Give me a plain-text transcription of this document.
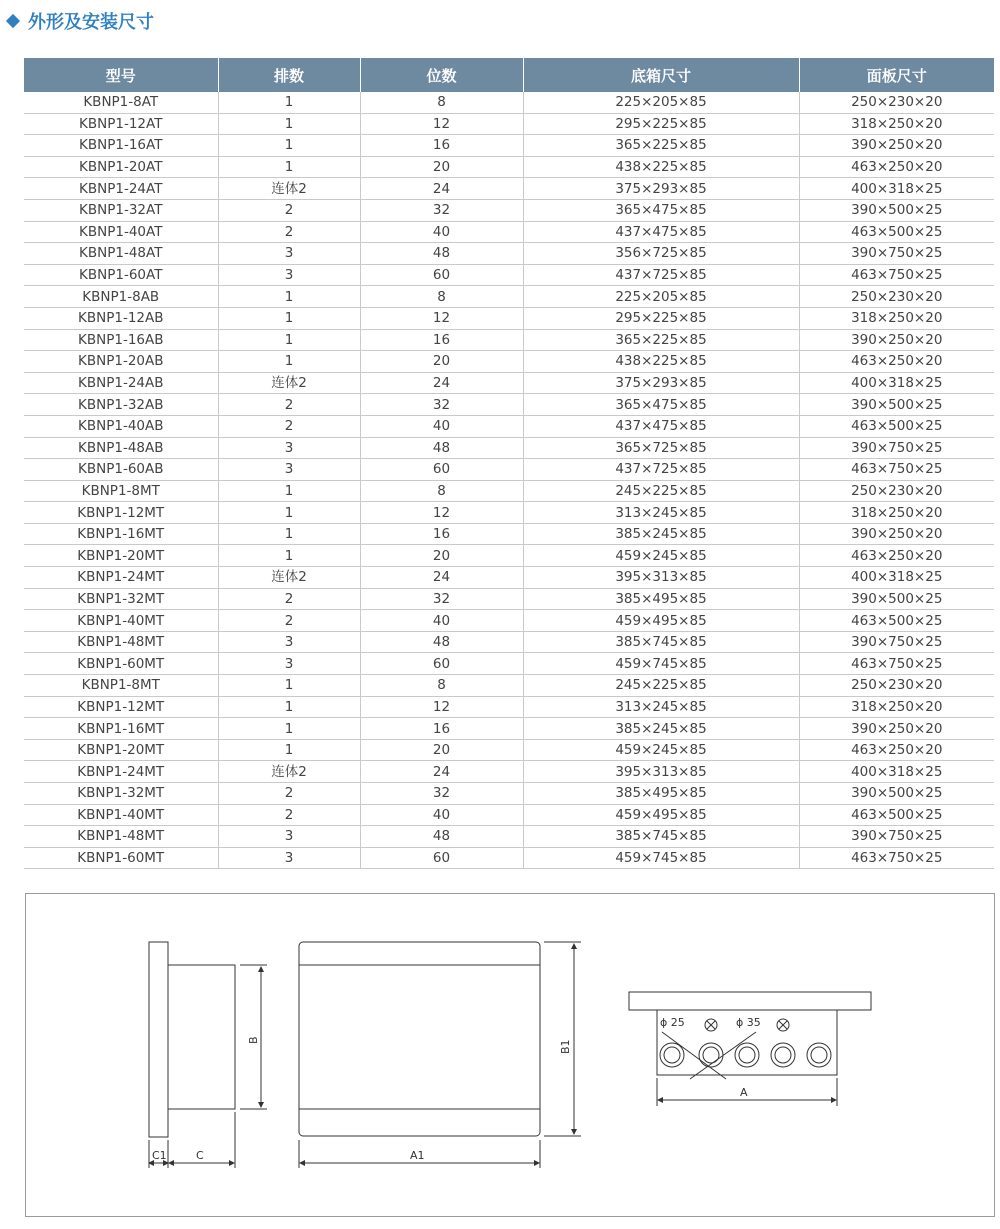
外形及安装尺寸
型号	排数	位数	底箱尺寸	面板尺寸
KBNP1-8AT	1	8	225×205×85	250×230×20
KBNP1-12AT	1	12	295×225×85	318×250×20
KBNP1-16AT	1	16	365×225×85	390×250×20
KBNP1-20AT	1	20	438×225×85	463×250×20
KBNP1-24AT	连体2	24	375×293×85	400×318×25
KBNP1-32AT	2	32	365×475×85	390×500×25
KBNP1-40AT	2	40	437×475×85	463×500×25
KBNP1-48AT	3	48	356×725×85	390×750×25
KBNP1-60AT	3	60	437×725×85	463×750×25
KBNP1-8AB	1	8	225×205×85	250×230×20
KBNP1-12AB	1	12	295×225×85	318×250×20
KBNP1-16AB	1	16	365×225×85	390×250×20
KBNP1-20AB	1	20	438×225×85	463×250×20
KBNP1-24AB	连体2	24	375×293×85	400×318×25
KBNP1-32AB	2	32	365×475×85	390×500×25
KBNP1-40AB	2	40	437×475×85	463×500×25
KBNP1-48AB	3	48	365×725×85	390×750×25
KBNP1-60AB	3	60	437×725×85	463×750×25
KBNP1-8MT	1	8	245×225×85	250×230×20
KBNP1-12MT	1	12	313×245×85	318×250×20
KBNP1-16MT	1	16	385×245×85	390×250×20
KBNP1-20MT	1	20	459×245×85	463×250×20
KBNP1-24MT	连体2	24	395×313×85	400×318×25
KBNP1-32MT	2	32	385×495×85	390×500×25
KBNP1-40MT	2	40	459×495×85	463×500×25
KBNP1-48MT	3	48	385×745×85	390×750×25
KBNP1-60MT	3	60	459×745×85	463×750×25
KBNP1-8MT	1	8	245×225×85	250×230×20
KBNP1-12MT	1	12	313×245×85	318×250×20
KBNP1-16MT	1	16	385×245×85	390×250×20
KBNP1-20MT	1	20	459×245×85	463×250×20
KBNP1-24MT	连体2	24	395×313×85	400×318×25
KBNP1-32MT	2	32	385×495×85	390×500×25
KBNP1-40MT	2	40	459×495×85	463×500×25
KBNP1-48MT	3	48	385×745×85	390×750×25
KBNP1-60MT	3	60	459×745×85	463×750×25
B
C1	C
B1
A1
ϕ 25	ϕ 35
A
